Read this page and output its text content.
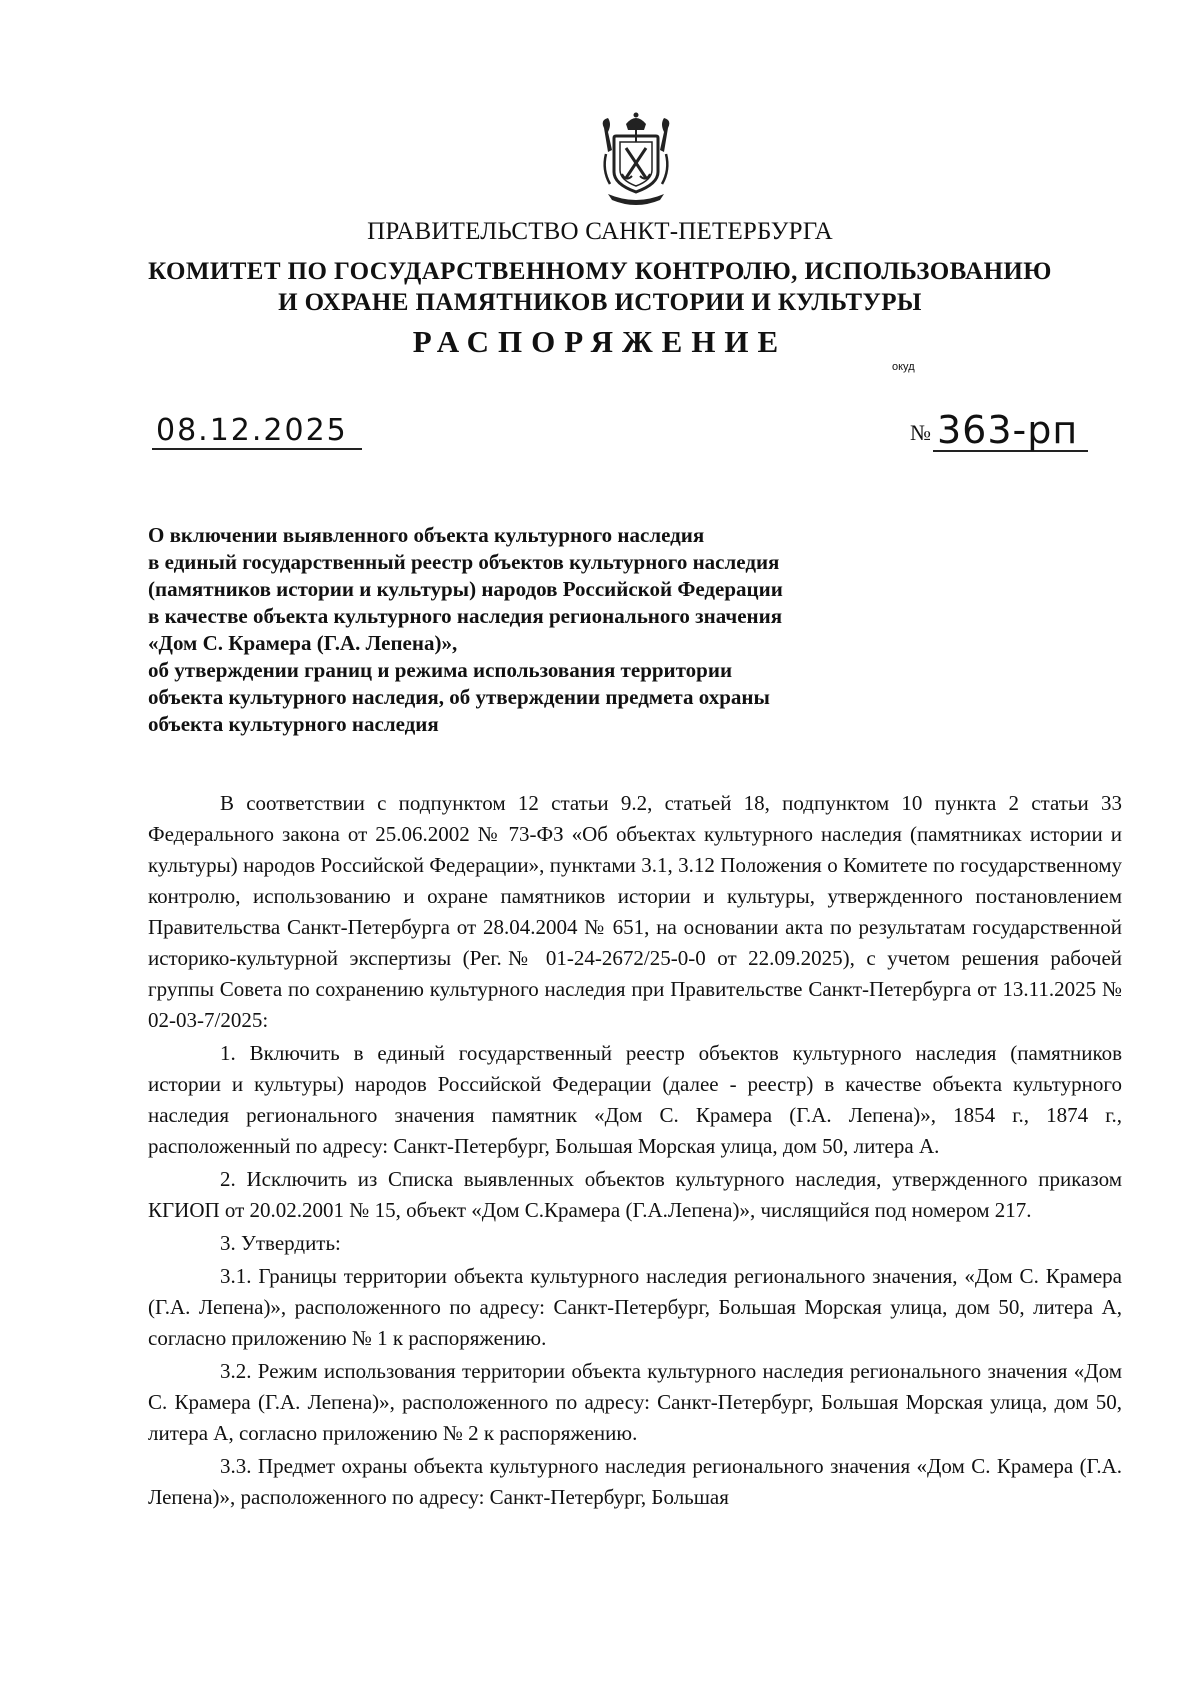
ПРАВИТЕЛЬСТВО САНКТ-ПЕТЕРБУРГА
КОМИТЕТ ПО ГОСУДАРСТВЕННОМУ КОНТРОЛЮ, ИСПОЛЬЗОВАНИЮ
И ОХРАНЕ ПАМЯТНИКОВ ИСТОРИИ И КУЛЬТУРЫ
РАСПОРЯЖЕНИЕ
окуд
08.12.2025	№ 363-рп
О включении выявленного объекта культурного наследия
в единый государственный реестр объектов культурного наследия
(памятников истории и культуры) народов Российской Федерации
в качестве объекта культурного наследия регионального значения
«Дом С. Крамера (Г.А. Лепена)»,
об утверждении границ и режима использования территории
объекта культурного наследия, об утверждении предмета охраны
объекта культурного наследия

В соответствии с подпунктом 12 статьи 9.2, статьей 18, подпунктом 10 пункта 2 статьи 33 Федерального закона от 25.06.2002 № 73-ФЗ «Об объектах культурного наследия (памятниках истории и культуры) народов Российской Федерации», пунктами 3.1, 3.12 Положения о Комитете по государственному контролю, использованию и охране памятников истории и культуры, утвержденного постановлением Правительства Санкт-Петербурга от 28.04.2004 № 651, на основании акта по результатам государственной историко-культурной экспертизы (Рег.№ 01-24-2672/25-0-0 от 22.09.2025), с учетом решения рабочей группы Совета по сохранению культурного наследия при Правительстве Санкт-Петербурга от 13.11.2025 № 02-03-7/2025:

1. Включить в единый государственный реестр объектов культурного наследия (памятников истории и культуры) народов Российской Федерации (далее - реестр) в качестве объекта культурного наследия регионального значения памятник «Дом С. Крамера (Г.А. Лепена)», 1854 г., 1874 г., расположенный по адресу: Санкт-Петербург, Большая Морская улица, дом 50, литера А.

2. Исключить из Списка выявленных объектов культурного наследия, утвержденного приказом КГИОП от 20.02.2001 № 15, объект «Дом С.Крамера (Г.А.Лепена)», числящийся под номером 217.

3. Утвердить:

3.1. Границы территории объекта культурного наследия регионального значения, «Дом С. Крамера (Г.А. Лепена)», расположенного по адресу: Санкт-Петербург, Большая Морская улица, дом 50, литера А, согласно приложению № 1 к распоряжению.

3.2. Режим использования территории объекта культурного наследия регионального значения «Дом С. Крамера (Г.А. Лепена)», расположенного по адресу: Санкт-Петербург, Большая Морская улица, дом 50, литера А, согласно приложению № 2 к распоряжению.

3.3. Предмет охраны объекта культурного наследия регионального значения «Дом С. Крамера (Г.А. Лепена)», расположенного по адресу: Санкт-Петербург, Большая
